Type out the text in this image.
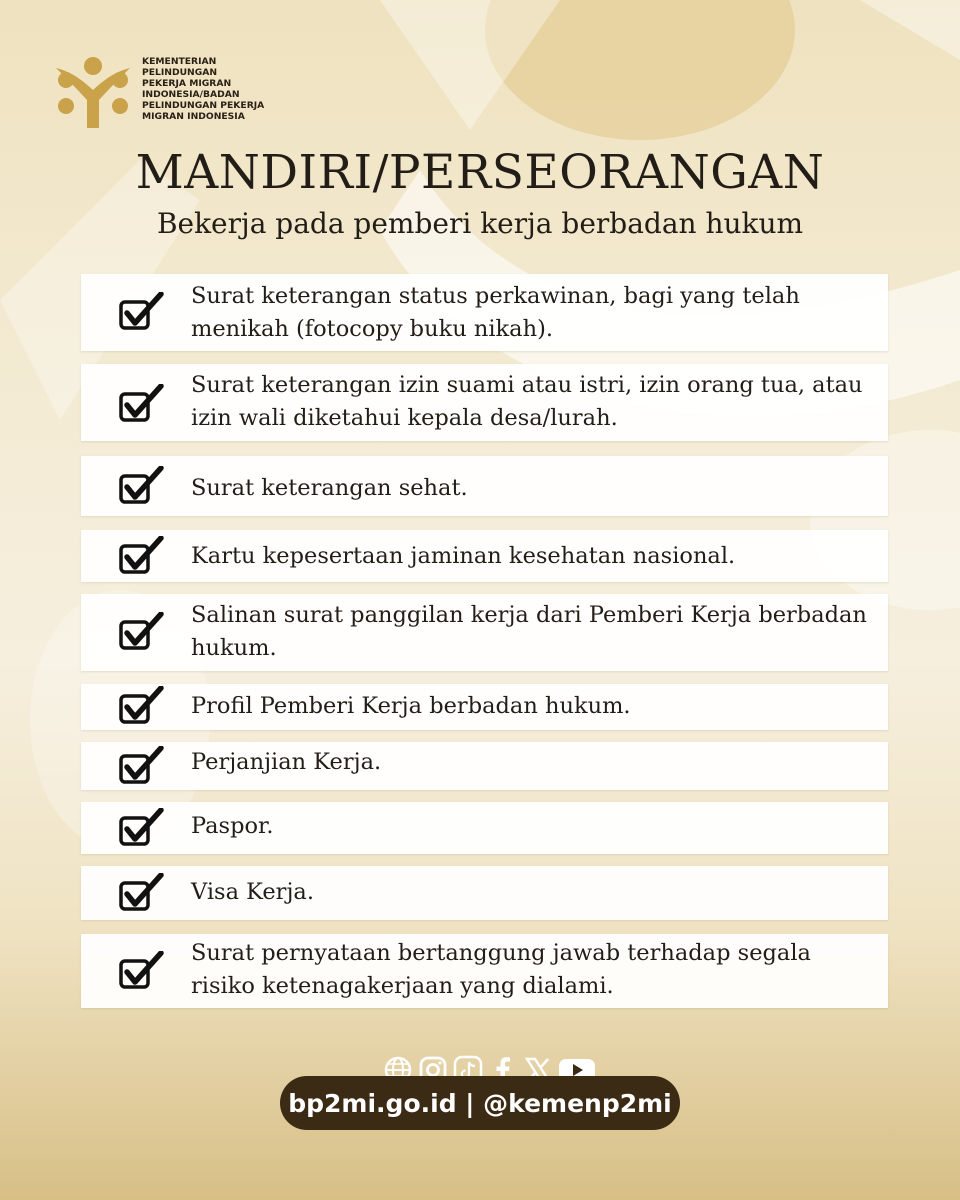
KEMENTERIAN
PELINDUNGAN
PEKERJA MIGRAN
INDONESIA/BADAN
PELINDUNGAN PEKERJA
MIGRAN INDONESIA
MANDIRI/PERSEORANGAN
Bekerja pada pemberi kerja berbadan hukum
Surat keterangan status perkawinan, bagi yang telah menikah (fotocopy buku nikah).
Surat keterangan izin suami atau istri, izin orang tua, atau izin wali diketahui kepala desa/lurah.
Surat keterangan sehat.
Kartu kepesertaan jaminan kesehatan nasional.
Salinan surat panggilan kerja dari Pemberi Kerja berbadan hukum.
Profil Pemberi Kerja berbadan hukum.
Perjanjian Kerja.
Paspor.
Visa Kerja.
Surat pernyataan bertanggung jawab terhadap segala risiko ketenagakerjaan yang dialami.
bp2mi.go.id | @kemenp2mi
